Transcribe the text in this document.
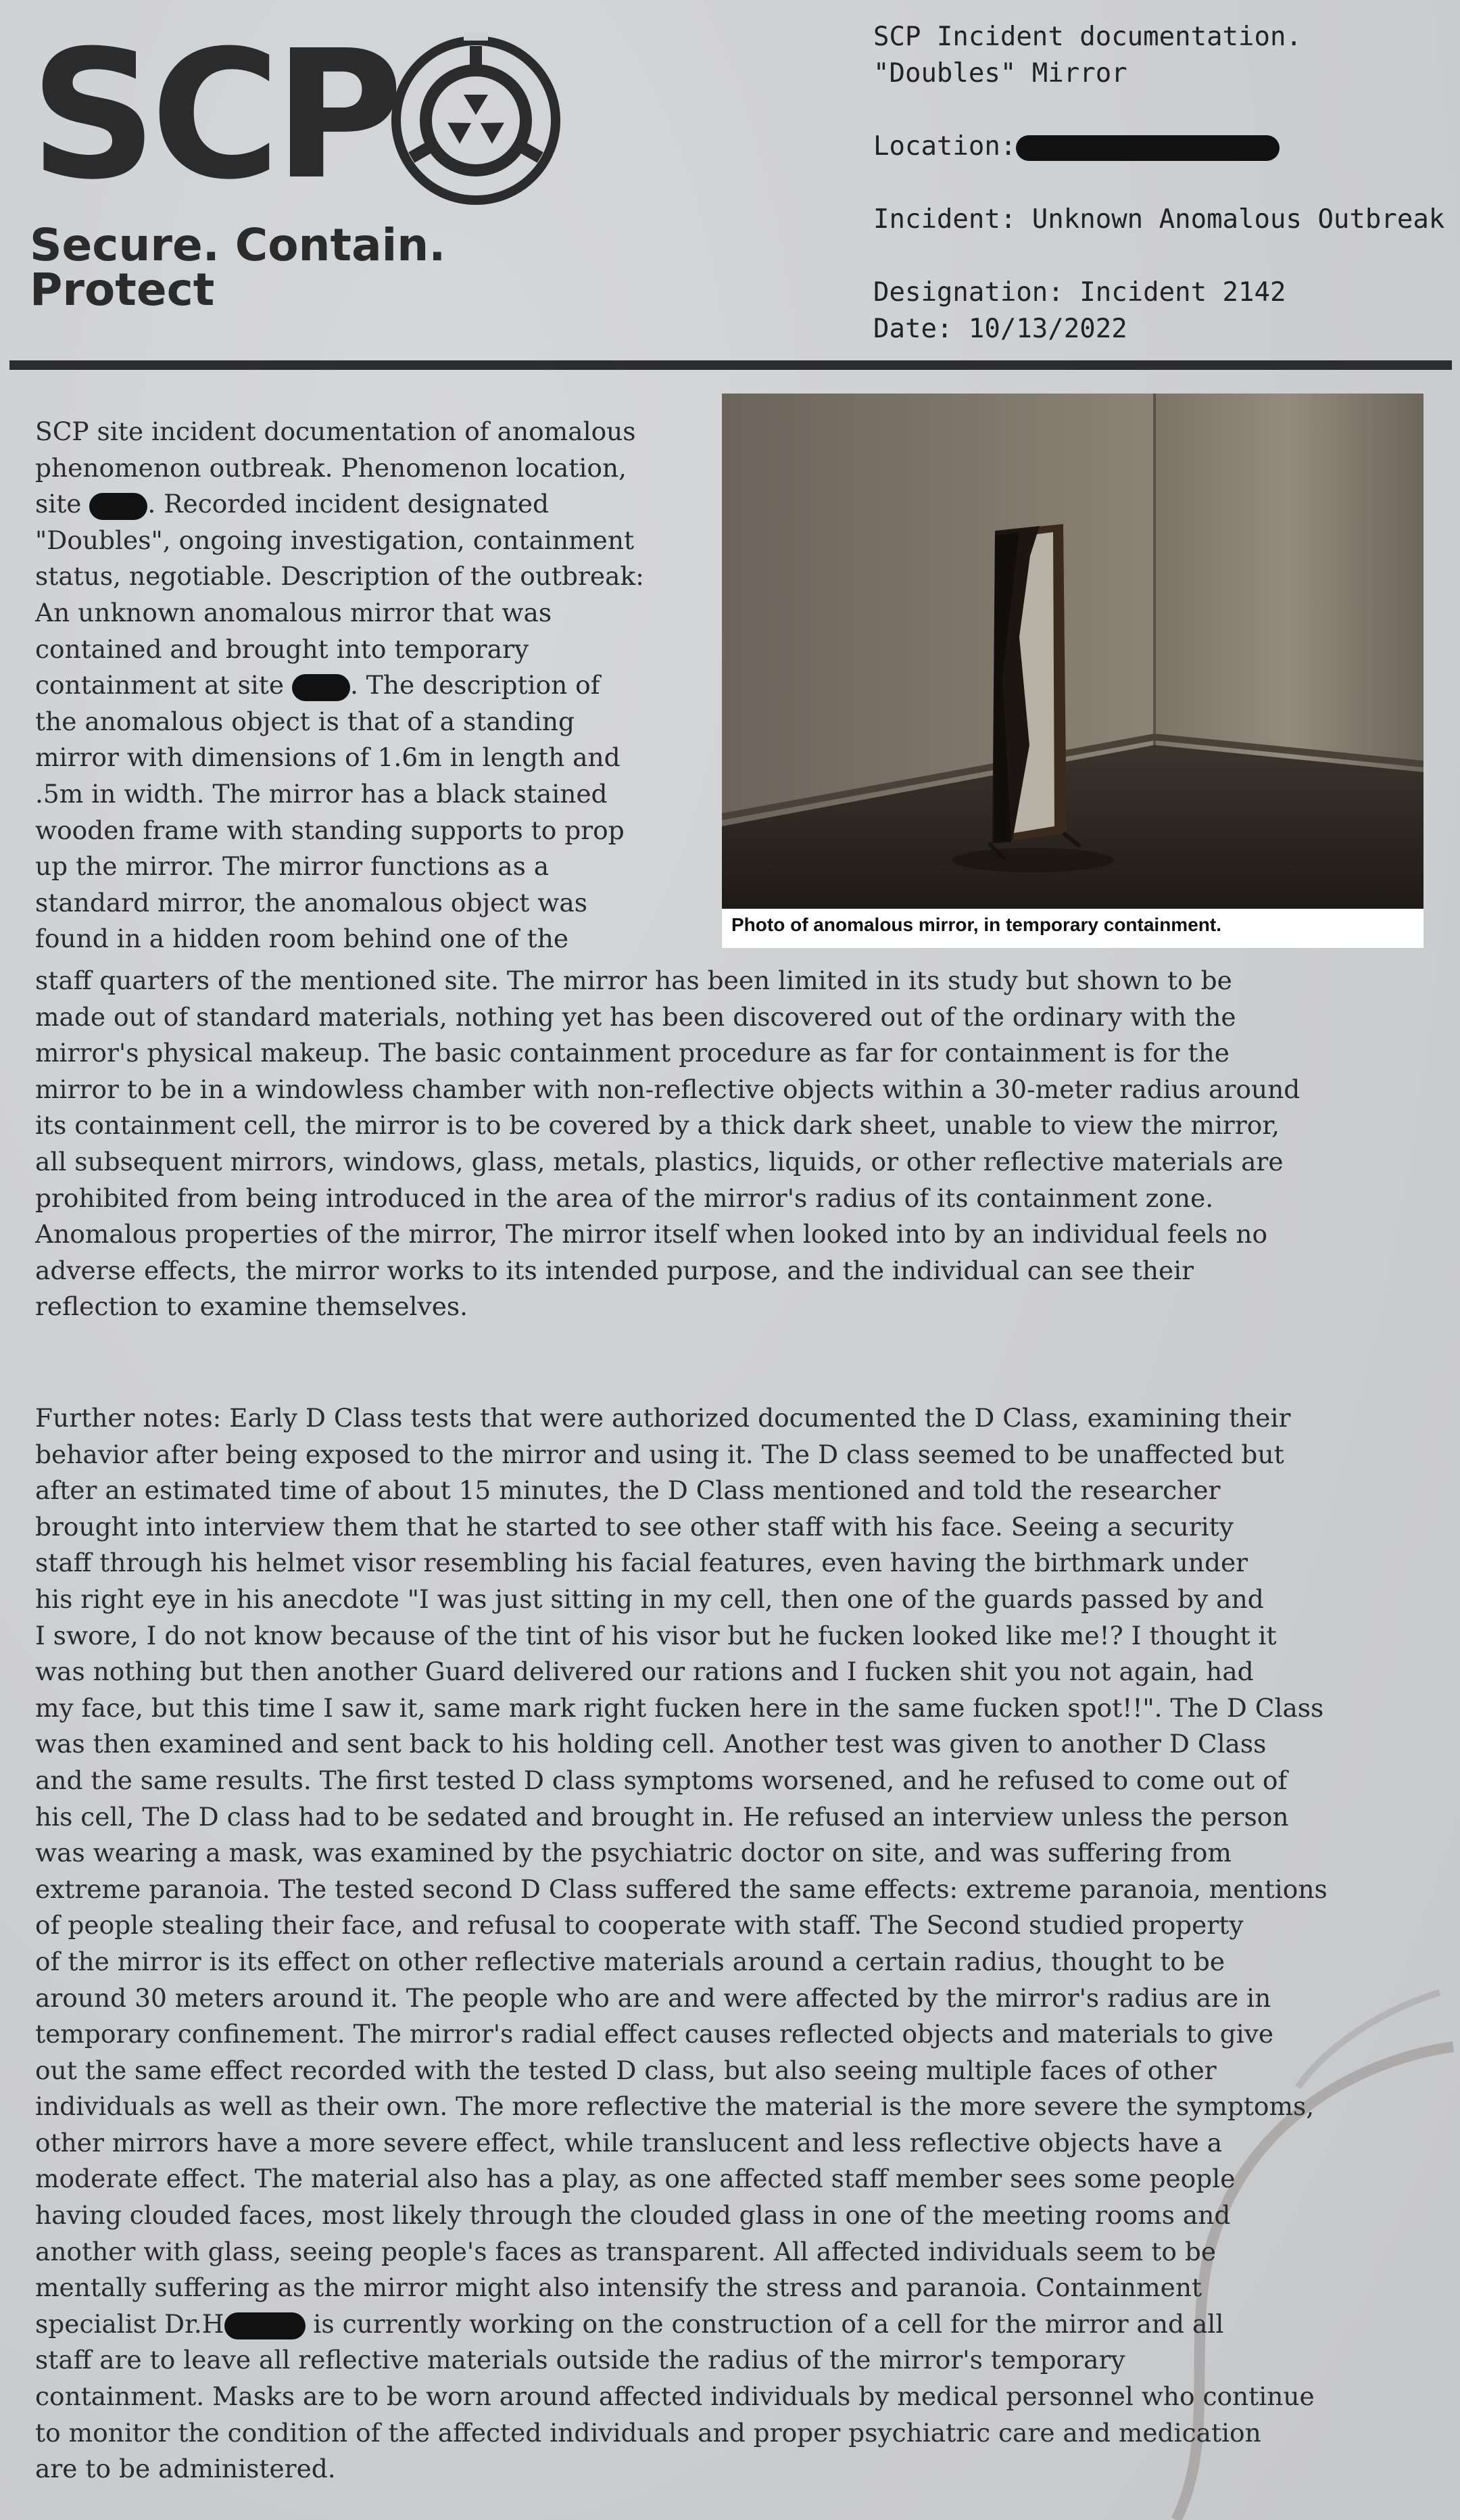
SCP
Secure. Contain. Protect
SCP Incident documentation.
"Doubles" Mirror
Location:
Incident: Unknown Anomalous Outbreak
Designation: Incident 2142
Date: 10/13/2022
Photo of anomalous mirror, in temporary containment.
SCP site incident documentation of anomalous
phenomenon outbreak. Phenomenon location,
site . Recorded incident designated
"Doubles", ongoing investigation, containment
status, negotiable. Description of the outbreak:
An unknown anomalous mirror that was
contained and brought into temporary
containment at site . The description of
the anomalous object is that of a standing
mirror with dimensions of 1.6m in length and
.5m in width. The mirror has a black stained
wooden frame with standing supports to prop
up the mirror. The mirror functions as a
standard mirror, the anomalous object was
found in a hidden room behind one of the
staff quarters of the mentioned site. The mirror has been limited in its study but shown to be
made out of standard materials, nothing yet has been discovered out of the ordinary with the
mirror's physical makeup. The basic containment procedure as far for containment is for the
mirror to be in a windowless chamber with non-reflective objects within a 30-meter radius around
its containment cell, the mirror is to be covered by a thick dark sheet, unable to view the mirror,
all subsequent mirrors, windows, glass, metals, plastics, liquids, or other reflective materials are
prohibited from being introduced in the area of the mirror's radius of its containment zone.
Anomalous properties of the mirror, The mirror itself when looked into by an individual feels no
adverse effects, the mirror works to its intended purpose, and the individual can see their
reflection to examine themselves.
Further notes: Early D Class tests that were authorized documented the D Class, examining their
behavior after being exposed to the mirror and using it. The D class seemed to be unaffected but
after an estimated time of about 15 minutes, the D Class mentioned and told the researcher
brought into interview them that he started to see other staff with his face. Seeing a security
staff through his helmet visor resembling his facial features, even having the birthmark under
his right eye in his anecdote "I was just sitting in my cell, then one of the guards passed by and
I swore, I do not know because of the tint of his visor but he fucken looked like me!? I thought it
was nothing but then another Guard delivered our rations and I fucken shit you not again, had
my face, but this time I saw it, same mark right fucken here in the same fucken spot!!". The D Class
was then examined and sent back to his holding cell. Another test was given to another D Class
and the same results. The first tested D class symptoms worsened, and he refused to come out of
his cell, The D class had to be sedated and brought in. He refused an interview unless the person
was wearing a mask, was examined by the psychiatric doctor on site, and was suffering from
extreme paranoia. The tested second D Class suffered the same effects: extreme paranoia, mentions
of people stealing their face, and refusal to cooperate with staff. The Second studied property
of the mirror is its effect on other reflective materials around a certain radius, thought to be
around 30 meters around it. The people who are and were affected by the mirror's radius are in
temporary confinement. The mirror's radial effect causes reflected objects and materials to give
out the same effect recorded with the tested D class, but also seeing multiple faces of other
individuals as well as their own. The more reflective the material is the more severe the symptoms,
other mirrors have a more severe effect, while translucent and less reflective objects have a
moderate effect. The material also has a play, as one affected staff member sees some people
having clouded faces, most likely through the clouded glass in one of the meeting rooms and
another with glass, seeing people's faces as transparent. All affected individuals seem to be
mentally suffering as the mirror might also intensify the stress and paranoia. Containment
specialist Dr.H	is currently working on the construction of a cell for the mirror and all
staff are to leave all reflective materials outside the radius of the mirror's temporary
containment. Masks are to be worn around affected individuals by medical personnel who continue
to monitor the condition of the affected individuals and proper psychiatric care and medication
are to be administered.
